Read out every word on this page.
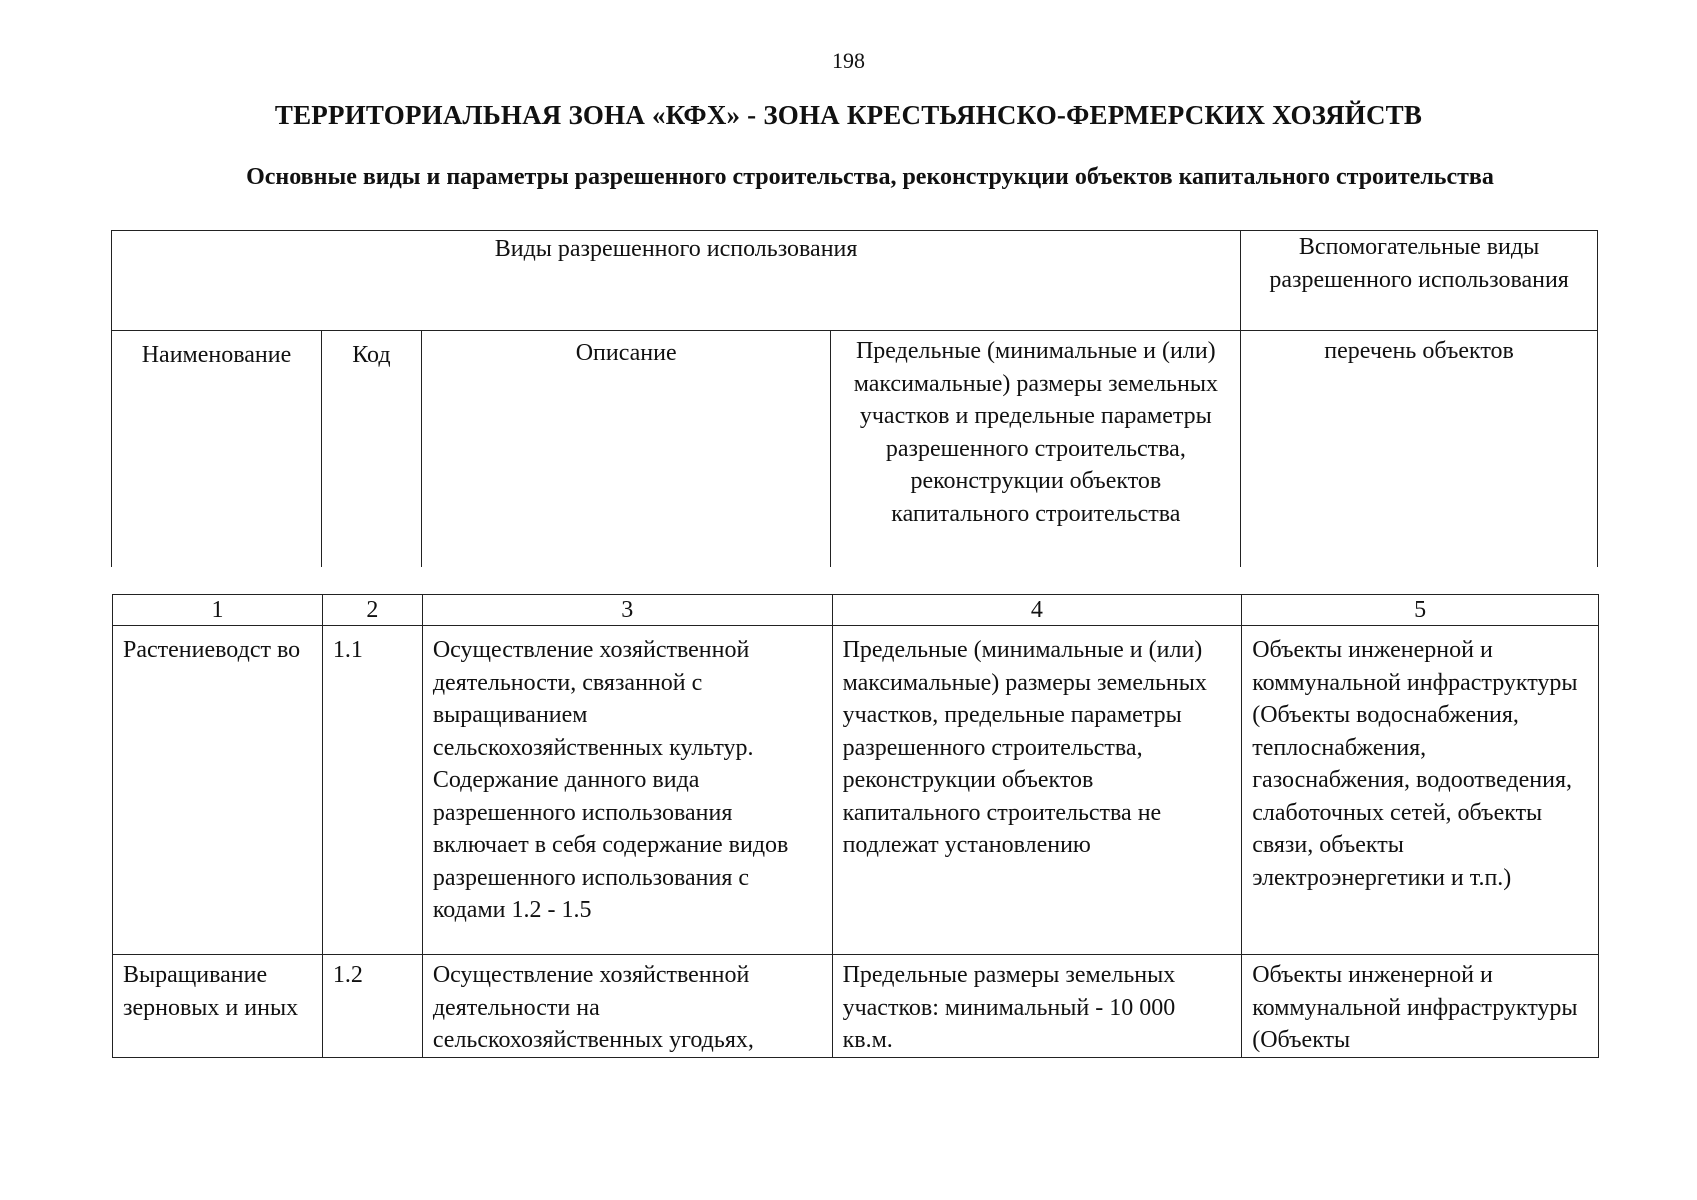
198
ТЕРРИТОРИАЛЬНАЯ ЗОНА «КФХ» - ЗОНА КРЕСТЬЯНСКО-ФЕРМЕРСКИХ ХОЗЯЙСТВ
Основные виды и параметры разрешенного строительства, реконструкции объектов капитального строительства
Виды разрешенного использования				Вспомогательные виды разрешенного использования
Наименование	Код	Описание	Предельные (минимальные и (или) максимальные) размеры земельных участков и предельные параметры разрешенного строительства, реконструкции объектов капитального строительства	перечень объектов
1	2	3	4	5
Растениеводст во	1.1	Осуществление хозяйственной деятельности, связанной с выращиванием сельскохозяйственных культур. Содержание данного вида разрешенного использования включает в себя содержание видов разрешенного использования с кодами 1.2 - 1.5	Предельные (минимальные и (или) максимальные) размеры земельных участков, предельные параметры разрешенного строительства, реконструкции объектов капитального строительства не подлежат установлению	Объекты инженерной и коммунальной инфраструктуры (Объекты водоснабжения, теплоснабжения, газоснабжения, водоотведения, слаботочных сетей, объекты связи, объекты электроэнергетики и т.п.)
Выращивание зерновых и иных	1.2	Осуществление хозяйственной деятельности на сельскохозяйственных угодьях,	Предельные размеры земельных участков: минимальный - 10 000 кв.м.	Объекты инженерной и коммунальной инфраструктуры (Объекты
